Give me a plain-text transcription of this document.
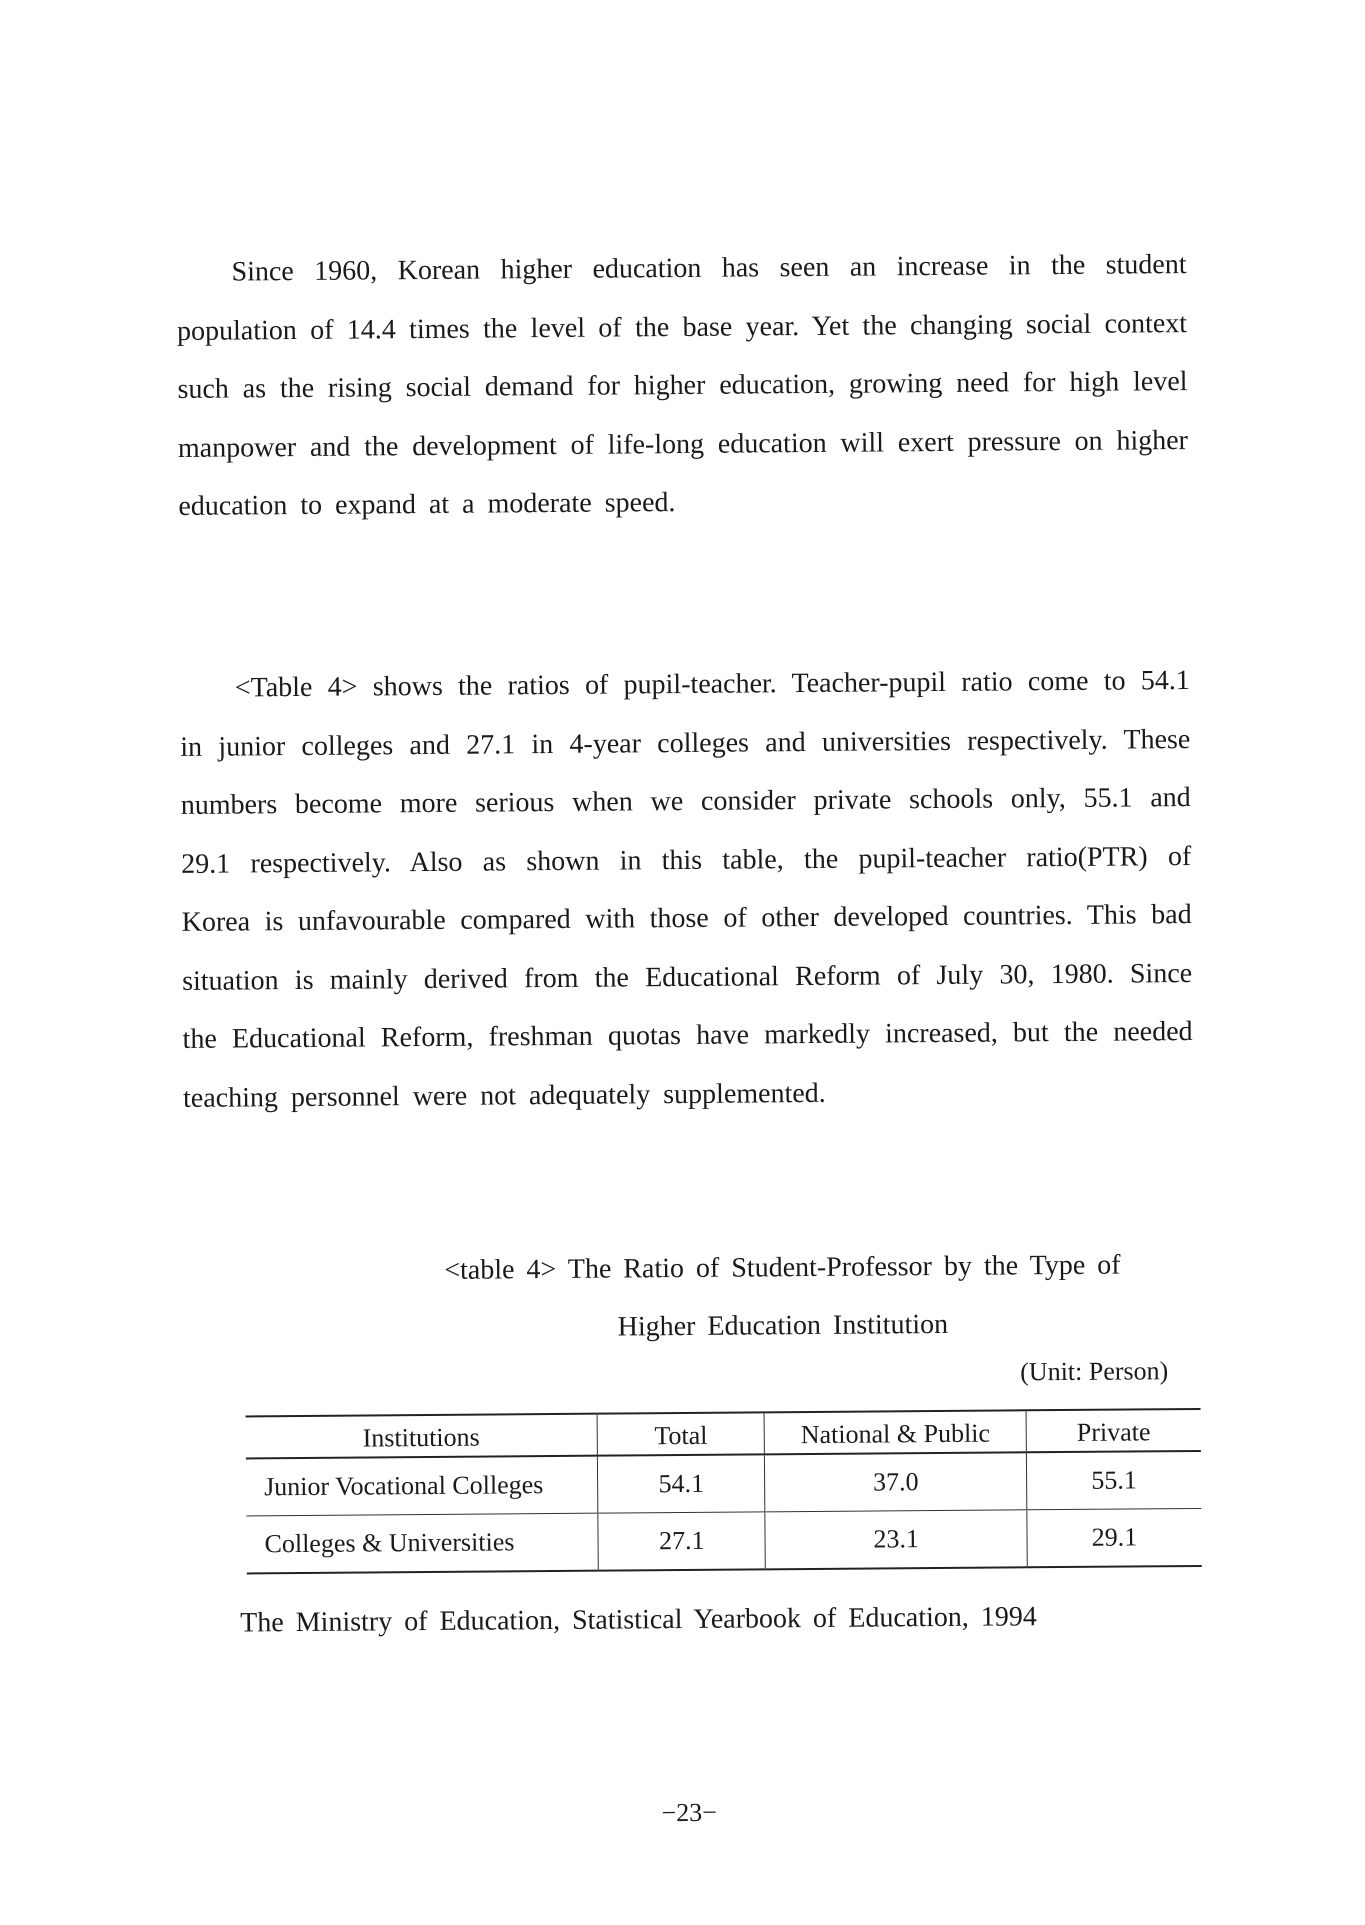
Since 1960, Korean higher education has seen an increase in the student population of 14.4 times the level of the base year. Yet the changing social context such as the rising social demand for higher education, growing need for high level manpower and the development of life-long education will exert pressure on higher education to expand at a moderate speed.

<Table 4> shows the ratios of pupil-teacher. Teacher-pupil ratio come to 54.1 in junior colleges and 27.1 in 4-year colleges and universities respectively. These numbers become more serious when we consider private schools only, 55.1 and 29.1 respectively. Also as shown in this table, the pupil-teacher ratio(PTR) of Korea is unfavourable compared with those of other developed countries. This bad situation is mainly derived from the Educational Reform of July 30, 1980. Since the Educational Reform, freshman quotas have markedly increased, but the needed teaching personnel were not adequately supplemented.

<table 4> The Ratio of Student-Professor by the Type of
Higher Education Institution

(Unit: Person)

Institutions	Total	National & Public	Private
Junior Vocational Colleges	54.1	37.0	55.1
Colleges & Universities	27.1	23.1	29.1

The Ministry of Education, Statistical Yearbook of Education, 1994

−23−
